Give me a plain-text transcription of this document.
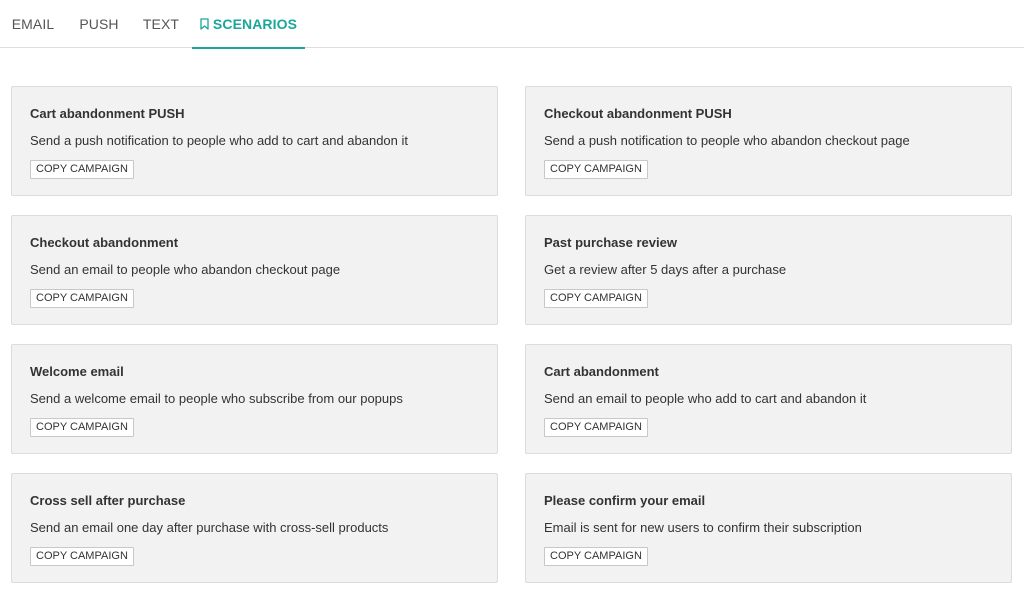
EMAIL PUSH TEXT SCENARIOS
Cart abandonment PUSH
Send a push notification to people who add to cart and abandon it
COPY CAMPAIGN
Checkout abandonment PUSH
Send a push notification to people who abandon checkout page
COPY CAMPAIGN
Checkout abandonment
Send an email to people who abandon checkout page
COPY CAMPAIGN
Past purchase review
Get a review after 5 days after a purchase
COPY CAMPAIGN
Welcome email
Send a welcome email to people who subscribe from our popups
COPY CAMPAIGN
Cart abandonment
Send an email to people who add to cart and abandon it
COPY CAMPAIGN
Cross sell after purchase
Send an email one day after purchase with cross-sell products
COPY CAMPAIGN
Please confirm your email
Email is sent for new users to confirm their subscription
COPY CAMPAIGN
